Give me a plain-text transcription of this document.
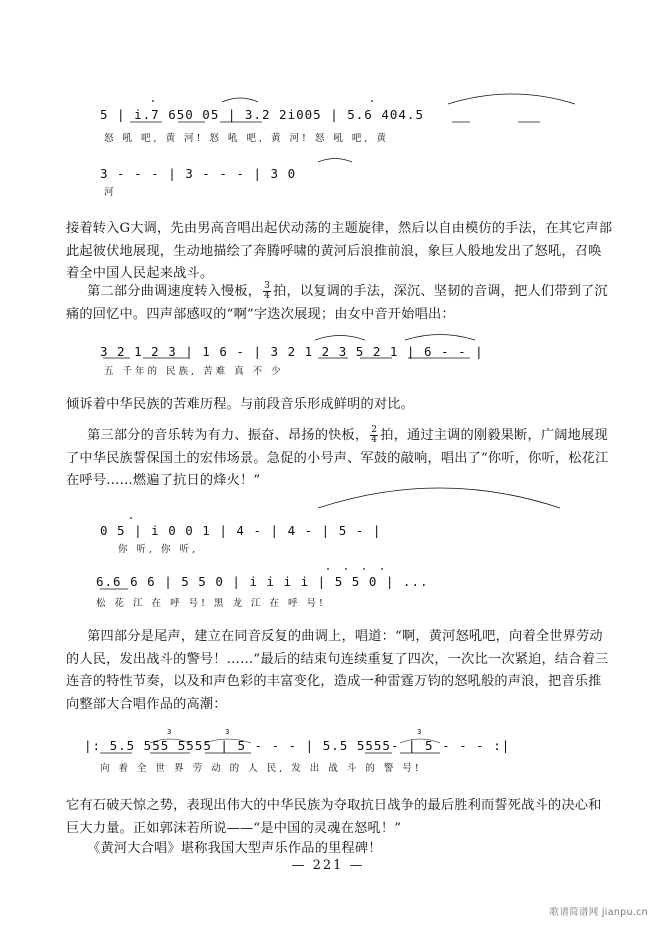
5 | i.7 650 05 | 3.2 2i005 | 5.6 404.5
怒 吼 吧, 黄 河! 怒 吼 吧, 黄 河! 怒 吼 吧, 黄
3 - - - | 3 - - - | 3 0
河

接着转入G大调，先由男高音唱出起伏动荡的主题旋律，然后以自由模仿的手法，在其它声部此起彼伏地展现，生动地描绘了奔腾呼啸的黄河后浪推前浪，象巨人般地发出了怒吼，召唤着全中国人民起来战斗。

第二部分曲调速度转入慢板， $\frac{3}{4}$ 拍，以复调的手法，深沉、坚韧的音调，把人们带到了沉痛的回忆中。四声部感叹的“啊”字迭次展现；由女中音开始唱出：

3 2 1 2 3 | 1 6 - | 3 2 1 2 3 5 2 1 | 6 - - |
五 千年的 民族, 苦难 真 不 少

倾诉着中华民族的苦难历程。与前段音乐形成鲜明的对比。

第三部分的音乐转为有力、振奋、昂扬的快板， $\frac{2}{4}$ 拍，通过主调的刚毅果断，广阔地展现了中华民族誓保国土的宏伟场景。急促的小号声、军鼓的敲响，唱出了“你听，你听，松花江在呼号……燃遍了抗日的烽火！”

0 5 | i 0 0 1 | 4 - | 4 - | 5 - |
你 听, 你 听,
6.6 6 6 | 5 5 0 | i i i i | 5 5 0 | ...
松 花 江 在 呼 号! 黑 龙 江 在 呼 号!

第四部分是尾声，建立在同音反复的曲调上，唱道：“啊，黄河怒吼吧，向着全世界劳动的人民，发出战斗的警号！……”最后的结束句连续重复了四次，一次比一次紧迫，结合着三连音的特性节奏，以及和声色彩的丰富变化，造成一种雷霆万钧的怒吼般的声浪，把音乐推向整部大合唱作品的高潮：

|: 5.5 555 5555 | 5 - - - | 5.5 5555- | 5 - - - :|
向 着 全 世 界 劳 动 的 人 民, 发 出 战 斗 的 警 号!

它有石破天惊之势，表现出伟大的中华民族为夺取抗日战争的最后胜利而誓死战斗的决心和巨大力量。正如郭沫若所说——“是中国的灵魂在怒吼！”

《黄河大合唱》堪称我国大型声乐作品的里程碑！

— 221 —
歌谱简谱网 jianpu.cn
3	3	3
